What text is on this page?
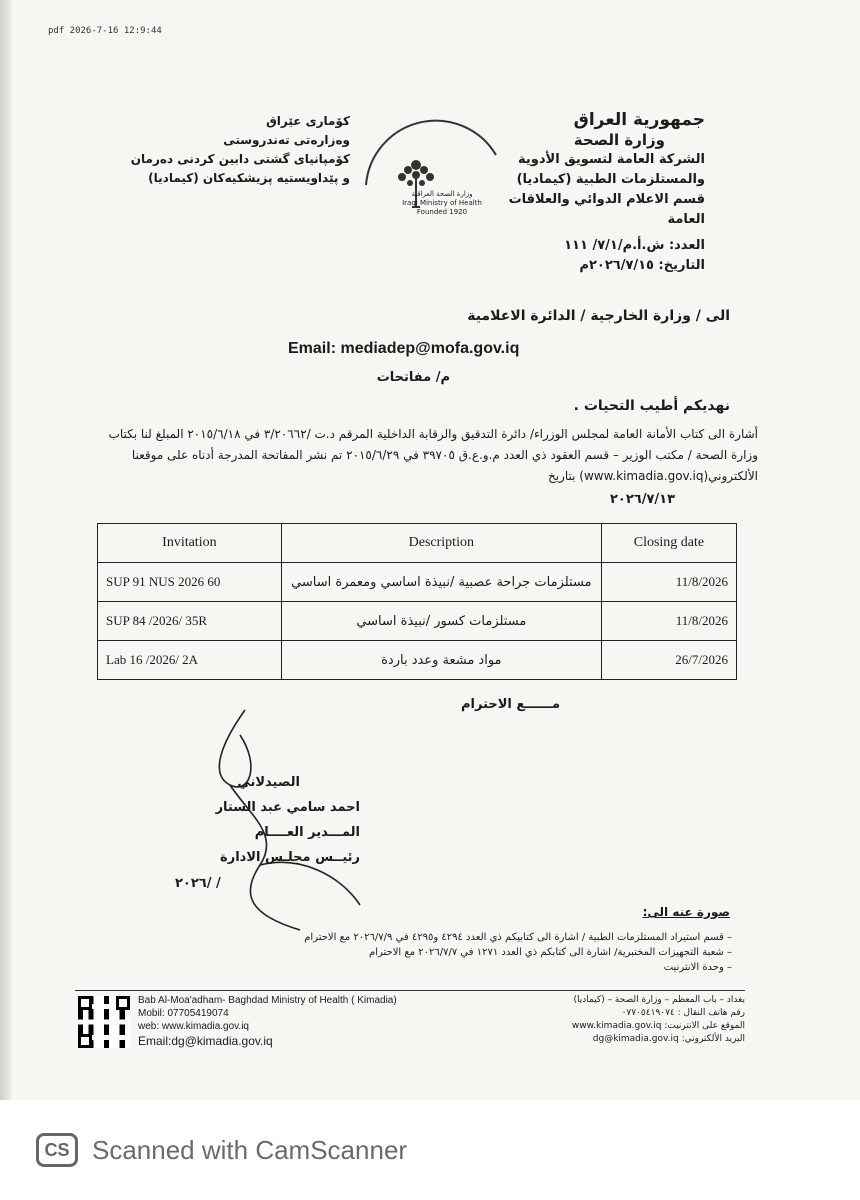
pdf 2026-7-16 12:9:44
کۆماری عێراق
وەزارەتی تەندروستی
کۆمپانیای گشتی دابین کردنی دەرمان
و پێداویستیە پزیشکیەکان (کیمادیا)
وزارة الصحة العراقية
Iraqi Ministry of Health
Founded 1920
جمهورية العراق
وزارة الصحة
الشركة العامة لتسويق الأدوية
والمستلزمات الطبية (كيماديا)
قسم الاعلام الدوائي والعلاقات
العامة
العدد: ش.أ.م/٧/١/ ١١١
التاريخ: ٢٠٢٦/٧/١٥م
الى / وزارة الخارجية / الدائرة الاعلامية
Email: mediadep@mofa.gov.iq
م/ مفاتحات
نهديكم أطيب التحيات .
أشارة الى كتاب الأمانة العامة لمجلس الوزراء/ دائرة التدقيق والرقابة الداخلية المرقم د.ت /٣/٢٠٦٦٢ في ٢٠١٥/٦/١٨ المبلغ لنا بكتاب وزارة الصحة / مكتب الوزير – قسم العقود ذي العدد م.و.ع.ق ٣٩٧٠٥ في ٢٠١٥/٦/٢٩ تم نشر المفاتحة المدرجة أدناه على موقعنا الألكتروني(www.kimadia.gov.iq) بتاريخ
٢٠٢٦/٧/١٣
Invitation	Description	Closing date
SUP 91 NUS 2026 60	مستلزمات جراحة عصبية /نبيذة اساسي ومعمرة اساسي	11/8/2026
SUP 84 /2026/ 35R	مستلزمات كسور /نبيذة اساسي	11/8/2026
Lab 16 /2026/ 2A	مواد مشعة وعدد باردة	26/7/2026
مــــــع الاحترام
الصيدلاني
احمد سامي عبد الستار
المـــدير العــــام
رئيــس مجلـس الادارة
٢٠٢٦/ /
صورة عنه الى:
– قسم استيراد المستلزمات الطبية / اشارة الى كتابيكم ذي العدد ٤٢٩٤ و٤٢٩٥ في ٢٠٢٦/٧/٩ مع الاحترام
– شعبة التجهيزات المختبرية/ اشارة الى كتابكم ذي العدد ١٢٧١ في ٢٠٢٦/٧/٧ مع الاحترام
– وحدة الانترنيت
Bab Al-Moa'adham- Baghdad Ministry of Health ( Kimadia)
Mobil: 07705419074
web: www.kimadia.gov.iq
Email:dg@kimadia.gov.iq
بغداد – باب المعظم – وزارة الصحة – (كيماديا)
رقم هاتف النقال : ٠٧٧٠٥٤١٩٠٧٤
الموقع على الانترنيت: www.kimadia.gov.iq
البريد الألكتروني: dg@kimadia.gov.iq
CS Scanned with CamScanner
